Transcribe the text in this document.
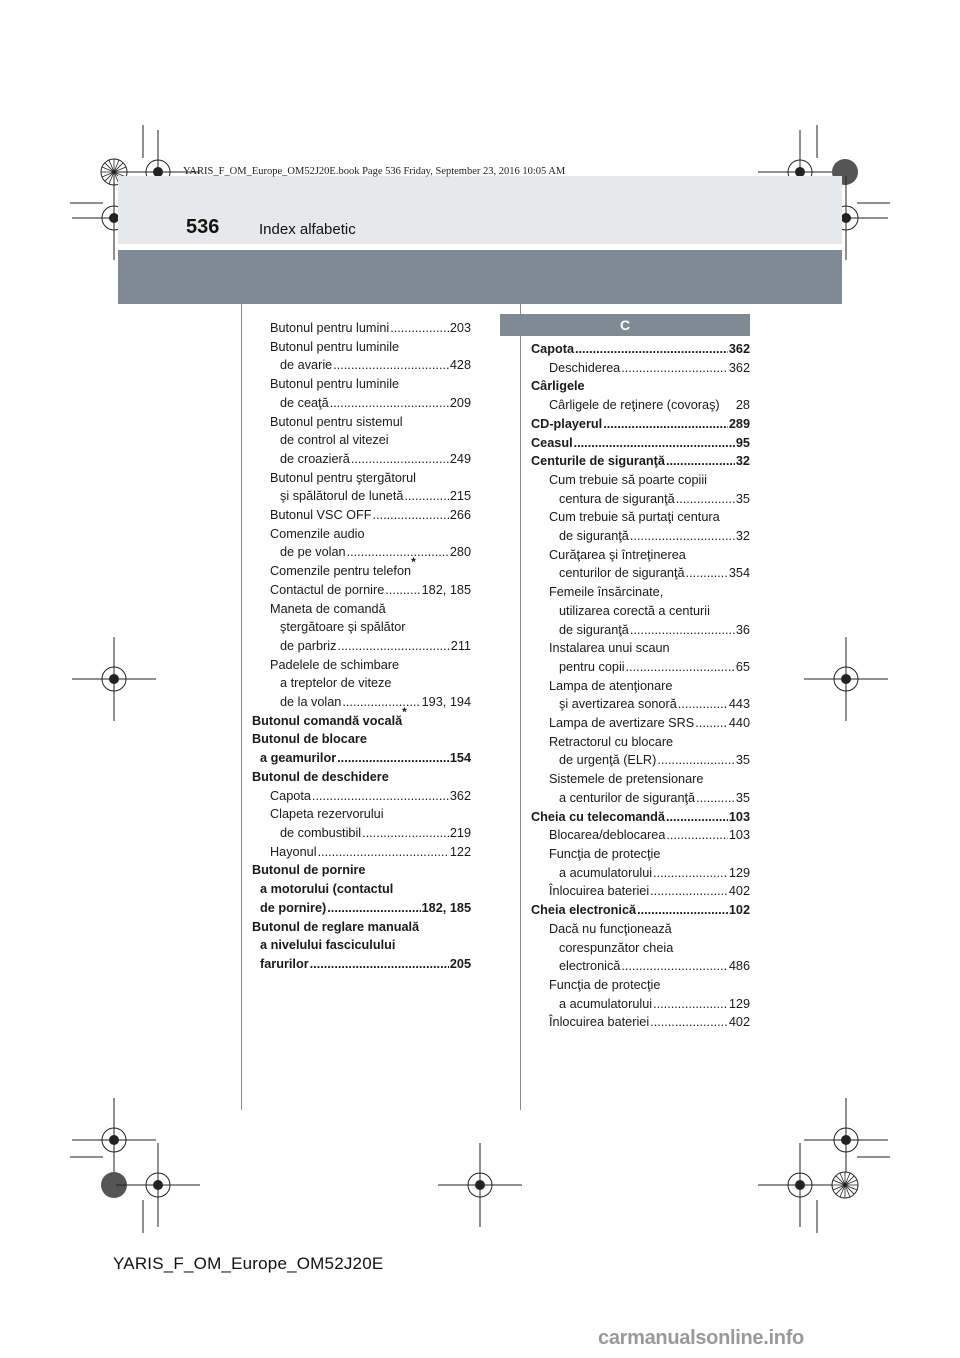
YARIS_F_OM_Europe_OM52J20E.book Page 536 Friday, September 23, 2016 10:05 AM
536	Index alfabetic
C
Butonul pentru lumini .....	203
Butonul pentru luminile
de avarie .....	428
Butonul pentru luminile
de ceaţă .....	209
Butonul pentru sistemul
de control al vitezei
de croazieră .....	249
Butonul pentru ştergătorul
şi spălătorul de lunetă .....	215
Butonul VSC OFF .....	266
Comenzile audio
de pe volan .....	280
Comenzile pentru telefon
*
Contactul de pornire .....	182, 185
Maneta de comandă
ştergătoare şi spălător
de parbriz .....	211
Padelele de schimbare
a treptelor de viteze
de la volan .....	193, 194
Butonul comandă vocală
*
Butonul de blocare
a geamurilor .....	154
Butonul de deschidere
Capota .....	362
Clapeta rezervorului
de combustibil .....	219
Hayonul .....	122
Butonul de pornire
a motorului (contactul
de pornire) .....	182, 185
Butonul de reglare manuală
a nivelului fasciculului
farurilor .....	205
Capota .....	362
Deschiderea .....	362
Cârligele
Cârligele de reţinere (covoraş) 28
CD-playerul .....	289
Ceasul .....	95
Centurile de siguranţă .....	32
Cum trebuie să poarte copiii
centura de siguranţă .....	35
Cum trebuie să purtaţi centura
de siguranţă .....	32
Curăţarea şi întreţinerea
centurilor de siguranţă .....	354
Femeile însărcinate,
utilizarea corectă a centurii
de siguranţă .....	36
Instalarea unui scaun
pentru copii .....	65
Lampa de atenţionare
şi avertizarea sonoră .....	443
Lampa de avertizare SRS .....	440
Retractorul cu blocare
de urgenţă (ELR) .....	35
Sistemele de pretensionare
a centurilor de siguranţă .....	35
Cheia cu telecomandă .....	103
Blocarea/deblocarea .....	103
Funcţia de protecţie
a acumulatorului .....	129
Înlocuirea bateriei .....	402
Cheia electronică .....	102
Dacă nu funcţionează
corespunzător cheia
electronică .....	486
Funcţia de protecţie
a acumulatorului .....	129
Înlocuirea bateriei .....	402
YARIS_F_OM_Europe_OM52J20E
carmanualsonline.info
